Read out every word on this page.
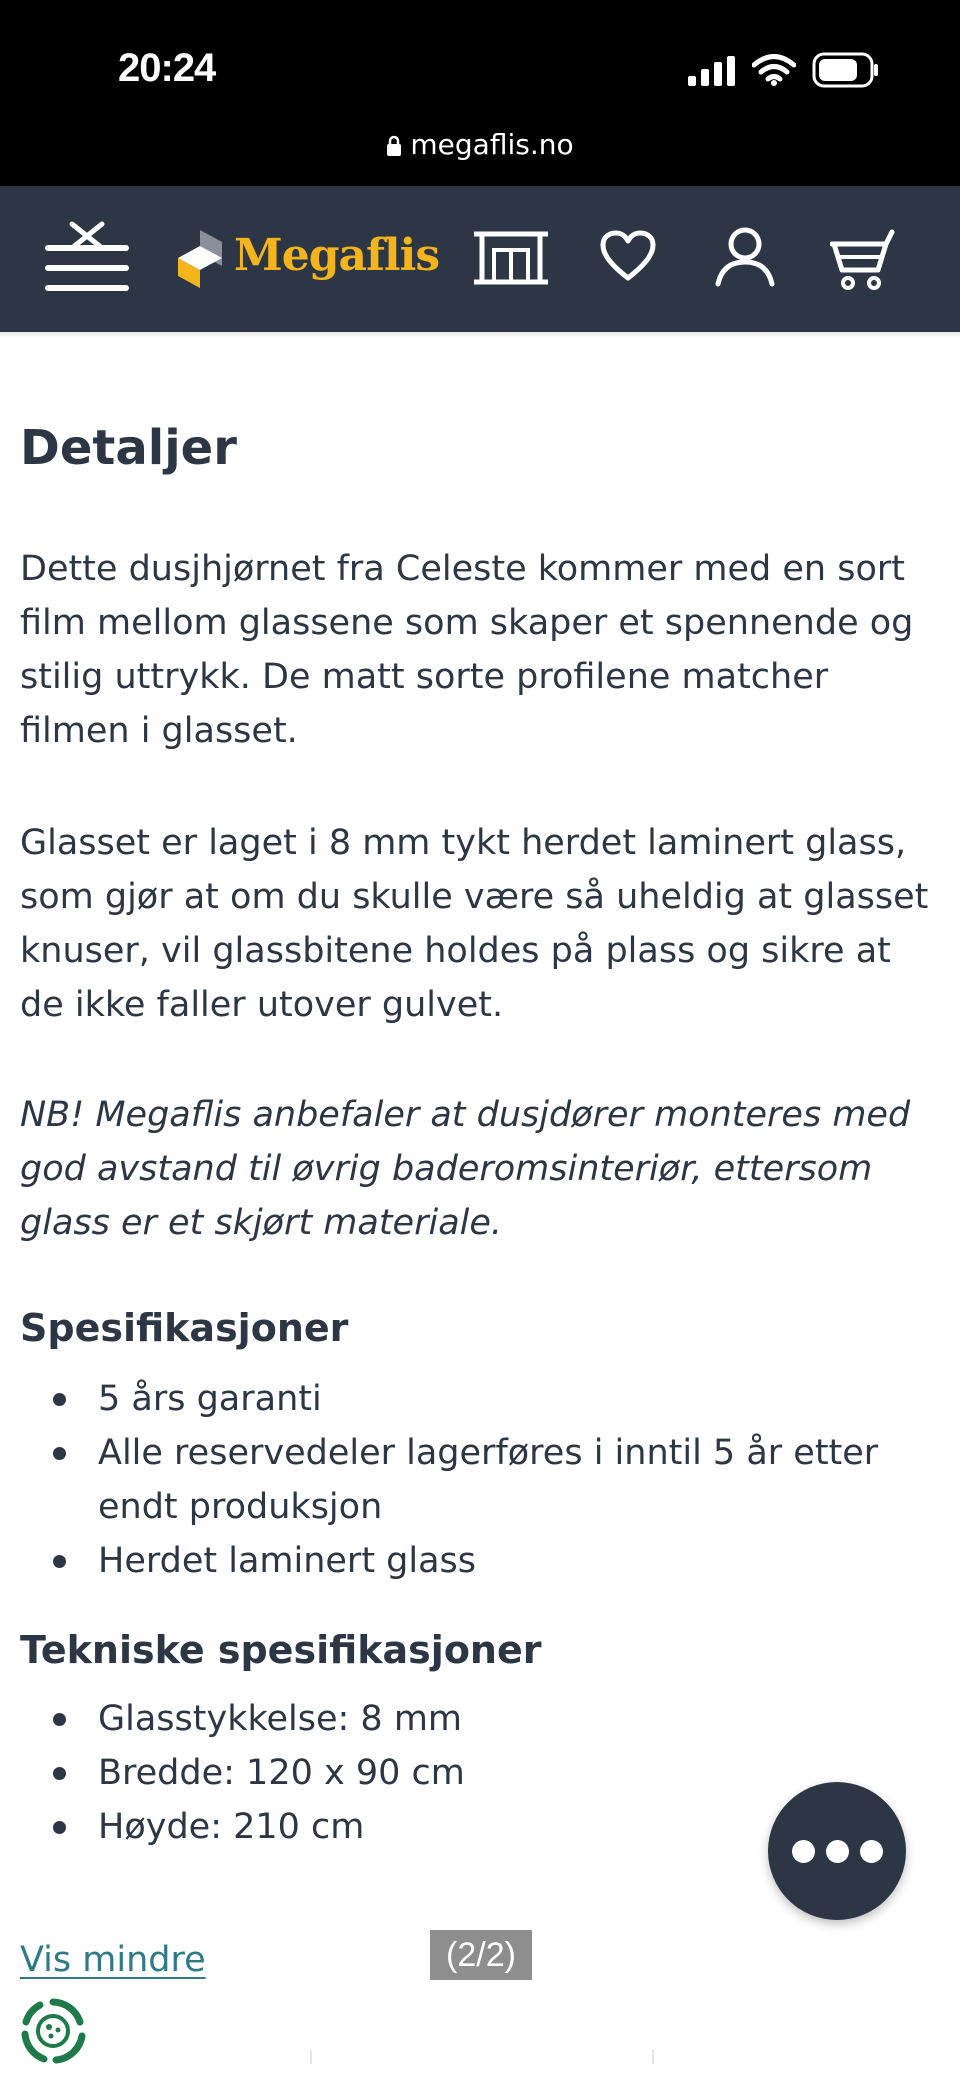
20:24
megaflis.no
Megaflis
Detaljer

Dette dusjhjørnet fra Celeste kommer med en sort film mellom glassene som skaper et spennende og stilig uttrykk. De matt sorte profilene matcher filmen i glasset.

Glasset er laget i 8 mm tykt herdet laminert glass, som gjør at om du skulle være så uheldig at glasset knuser, vil glassbitene holdes på plass og sikre at de ikke faller utover gulvet.

NB! Megaflis anbefaler at dusjdører monteres med god avstand til øvrig baderomsinteriør, ettersom glass er et skjørt materiale.

Spesifikasjoner
5 års garanti
Alle reservedeler lagerføres i inntil 5 år etter endt produksjon
Herdet laminert glass
Tekniske spesifikasjoner
Glasstykkelse: 8 mm
Bredde: 120 x 90 cm
Høyde: 210 cm
Vis mindre	(2/2)
